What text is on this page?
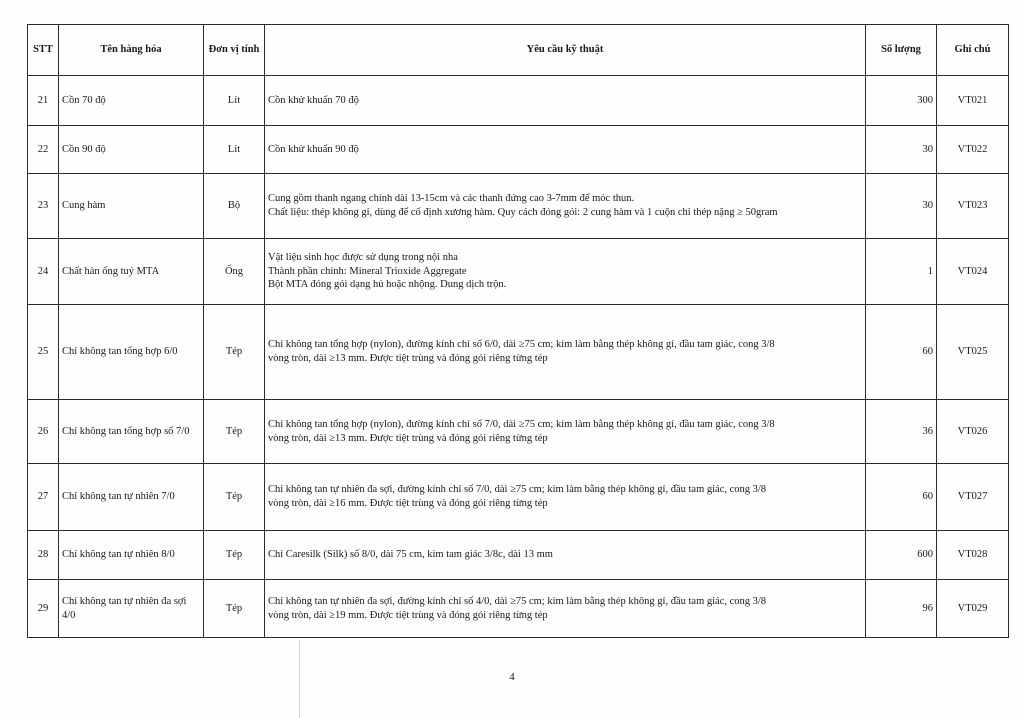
STT	Tên hàng hóa	Đơn vị tính	Yêu cầu kỹ thuật	Số lượng	Ghi chú
21	Cồn 70 độ	Lít	Cồn khử khuẩn 70 độ	300	VT021
22	Cồn 90 độ	Lít	Cồn khử khuẩn 90 độ	30	VT022
23	Cung hàm	Bộ	Cung gồm thanh ngang chính dài 13-15cm và các thanh đứng cao 3-7mm để móc thun.
Chất liệu: thép không gỉ, dùng để cố định xương hàm. Quy cách đóng gói: 2 cung hàm và 1 cuộn chỉ thép nặng ≥ 50gram	30	VT023
24	Chất hàn ống tuỷ MTA	Ống	Vật liệu sinh học được sử dụng trong nội nha
Thành phần chính: Mineral Trioxide Aggregate
Bột MTA đóng gói dạng hủ hoặc nhộng. Dung dịch trộn.	1	VT024
25	Chỉ không tan tổng hợp 6/0	Tép	Chỉ không tan tổng hợp (nylon), đường kính chỉ số 6/0, dài ≥75 cm; kim làm bằng thép không gỉ, đầu tam giác, cong 3/8
vòng tròn, dài ≥13 mm. Được tiệt trùng và đóng gói riêng từng tép	60	VT025
26	Chỉ không tan tổng hợp số 7/0	Tép	Chỉ không tan tổng hợp (nylon), đường kính chỉ số 7/0, dài ≥75 cm; kim làm bằng thép không gỉ, đầu tam giác, cong 3/8
vòng tròn, dài ≥13 mm. Được tiệt trùng và đóng gói riêng từng tép	36	VT026
27	Chỉ không tan tự nhiên 7/0	Tép	Chỉ không tan tự nhiên đa sợi, đường kính chỉ số 7/0, dài ≥75 cm; kim làm bằng thép không gỉ, đầu tam giác, cong 3/8
vòng tròn, dài ≥16 mm. Được tiệt trùng và đóng gói riêng từng tép	60	VT027
28	Chỉ không tan tự nhiên 8/0	Tép	Chỉ Caresilk (Silk) số 8/0, dài 75 cm, kim tam giác 3/8c, dài 13 mm	600	VT028
29	Chỉ không tan tự nhiên đa sợi 4/0	Tép	Chỉ không tan tự nhiên đa sợi, đường kính chỉ số 4/0, dài ≥75 cm; kim làm bằng thép không gỉ, đầu tam giác, cong 3/8
vòng tròn, dài ≥19 mm. Được tiệt trùng và đóng gói riêng từng tép	96	VT029
4
